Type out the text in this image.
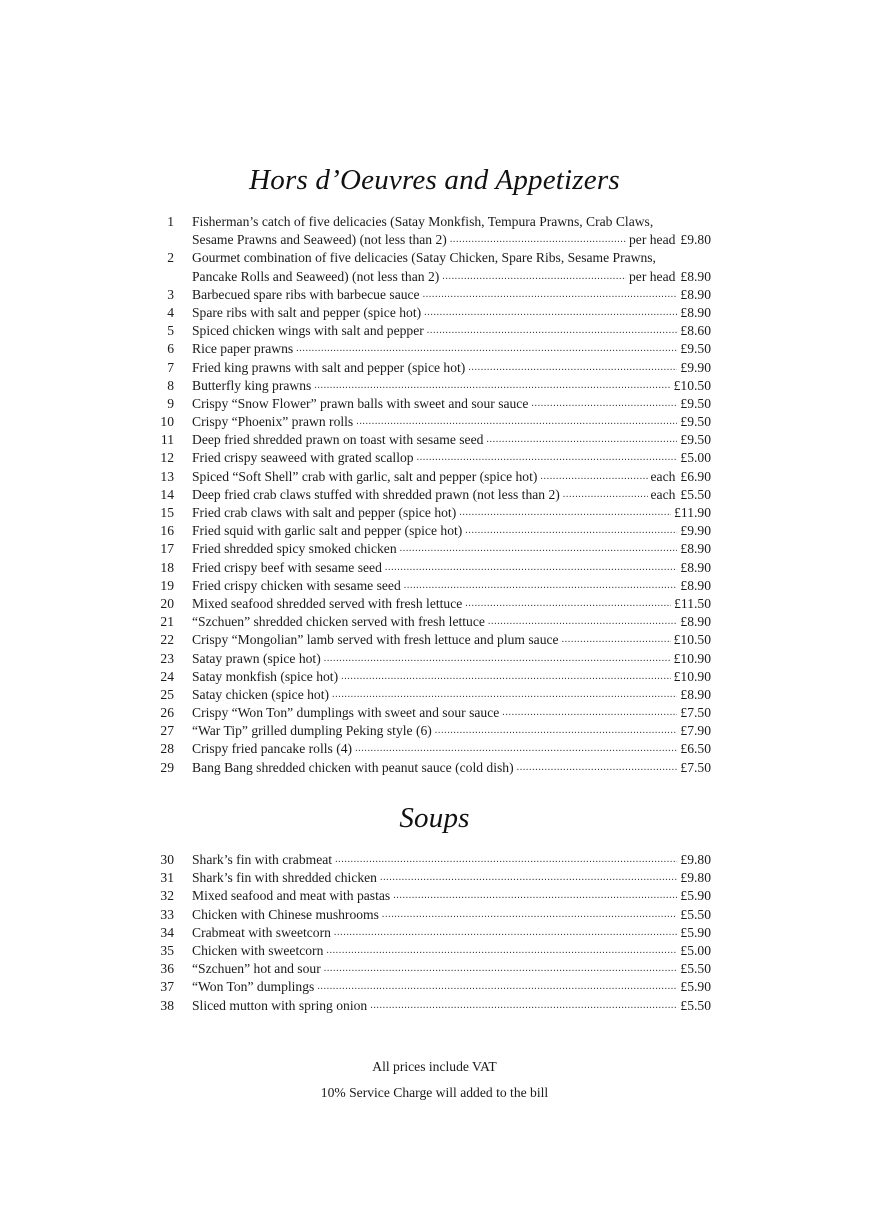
Hors d’Oeuvres and Appetizers
1 Fisherman’s catch of five delicacies (Satay Monkfish, Tempura Prawns, Crab Claws,
Sesame Prawns and Seaweed) (not less than 2) .....	per head £9.80
2 Gourmet combination of five delicacies (Satay Chicken, Spare Ribs, Sesame Prawns,
Pancake Rolls and Seaweed) (not less than 2) .....	per head £8.90
3 Barbecued spare ribs with barbecue sauce .....	£8.90
4 Spare ribs with salt and pepper (spice hot) .....	£8.90
5 Spiced chicken wings with salt and pepper .....	£8.60
6 Rice paper prawns .....	£9.50
7 Fried king prawns with salt and pepper (spice hot) .....	£9.90
8 Butterfly king prawns .....	£10.50
9 Crispy “Snow Flower” prawn balls with sweet and sour sauce .....	£9.50
10 Crispy “Phoenix” prawn rolls .....	£9.50
11 Deep fried shredded prawn on toast with sesame seed .....	£9.50
12 Fried crispy seaweed with grated scallop .....	£5.00
13 Spiced “Soft Shell” crab with garlic, salt and pepper (spice hot) .....	each £6.90
14 Deep fried crab claws stuffed with shredded prawn (not less than 2) .....	each £5.50
15 Fried crab claws with salt and pepper (spice hot) .....	£11.90
16 Fried squid with garlic salt and pepper (spice hot) .....	£9.90
17 Fried shredded spicy smoked chicken .....	£8.90
18 Fried crispy beef with sesame seed .....	£8.90
19 Fried crispy chicken with sesame seed .....	£8.90
20 Mixed seafood shredded served with fresh lettuce .....	£11.50
21 “Szchuen” shredded chicken served with fresh lettuce .....	£8.90
22 Crispy “Mongolian” lamb served with fresh lettuce and plum sauce .....	£10.50
23 Satay prawn (spice hot) .....	£10.90
24 Satay monkfish (spice hot) .....	£10.90
25 Satay chicken (spice hot) .....	£8.90
26 Crispy “Won Ton” dumplings with sweet and sour sauce .....	£7.50
27 “War Tip” grilled dumpling Peking style (6) .....	£7.90
28 Crispy fried pancake rolls (4) .....	£6.50
29 Bang Bang shredded chicken with peanut sauce (cold dish) .....	£7.50
Soups
30 Shark’s fin with crabmeat .....	£9.80
31 Shark’s fin with shredded chicken .....	£9.80
32 Mixed seafood and meat with pastas .....	£5.90
33 Chicken with Chinese mushrooms .....	£5.50
34 Crabmeat with sweetcorn .....	£5.90
35 Chicken with sweetcorn .....	£5.00
36 “Szchuen” hot and sour .....	£5.50
37 “Won Ton” dumplings .....	£5.90
38 Sliced mutton with spring onion .....	£5.50
All prices include VAT
10% Service Charge will added to the bill
